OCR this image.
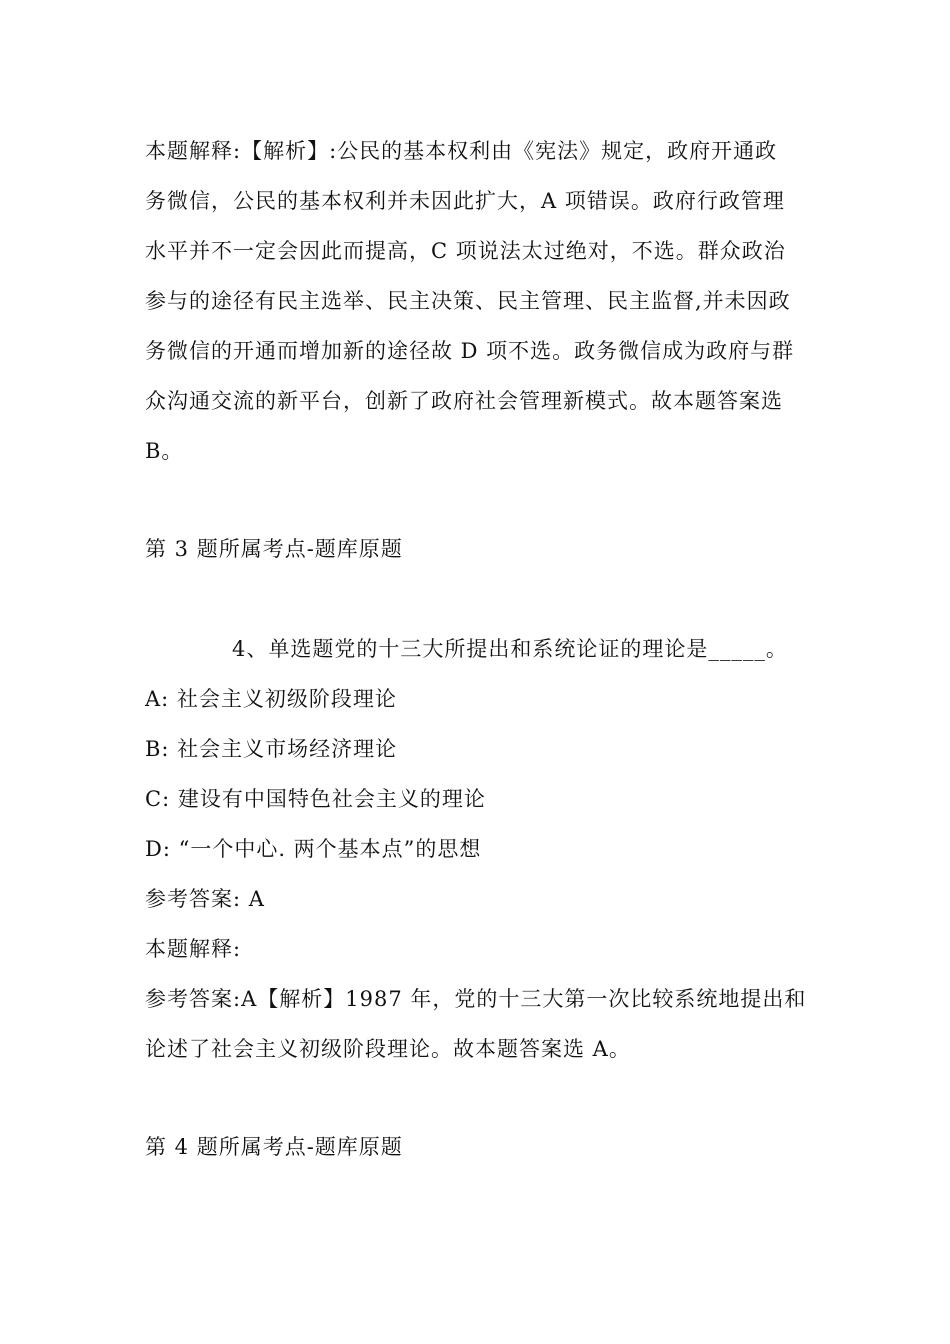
本题解释:【解析】:公民的基本权利由《宪法》规定，政府开通政
务微信，公民的基本权利并未因此扩大，A 项错误。政府行政管理
水平并不一定会因此而提高，C 项说法太过绝对，不选。群众政治
参与的途径有民主选举、民主决策、民主管理、民主监督,并未因政
务微信的开通而增加新的途径故 D 项不选。政务微信成为政府与群
众沟通交流的新平台，创新了政府社会管理新模式。故本题答案选
B。
第 3 题所属考点-题库原题
4、单选题党的十三大所提出和系统论证的理论是_____。
A: 社会主义初级阶段理论
B: 社会主义市场经济理论
C: 建设有中国特色社会主义的理论
D: “一个中心. 两个基本点”的思想
参考答案: A
本题解释:
参考答案:A【解析】1987 年，党的十三大第一次比较系统地提出和
论述了社会主义初级阶段理论。故本题答案选 A。
第 4 题所属考点-题库原题
